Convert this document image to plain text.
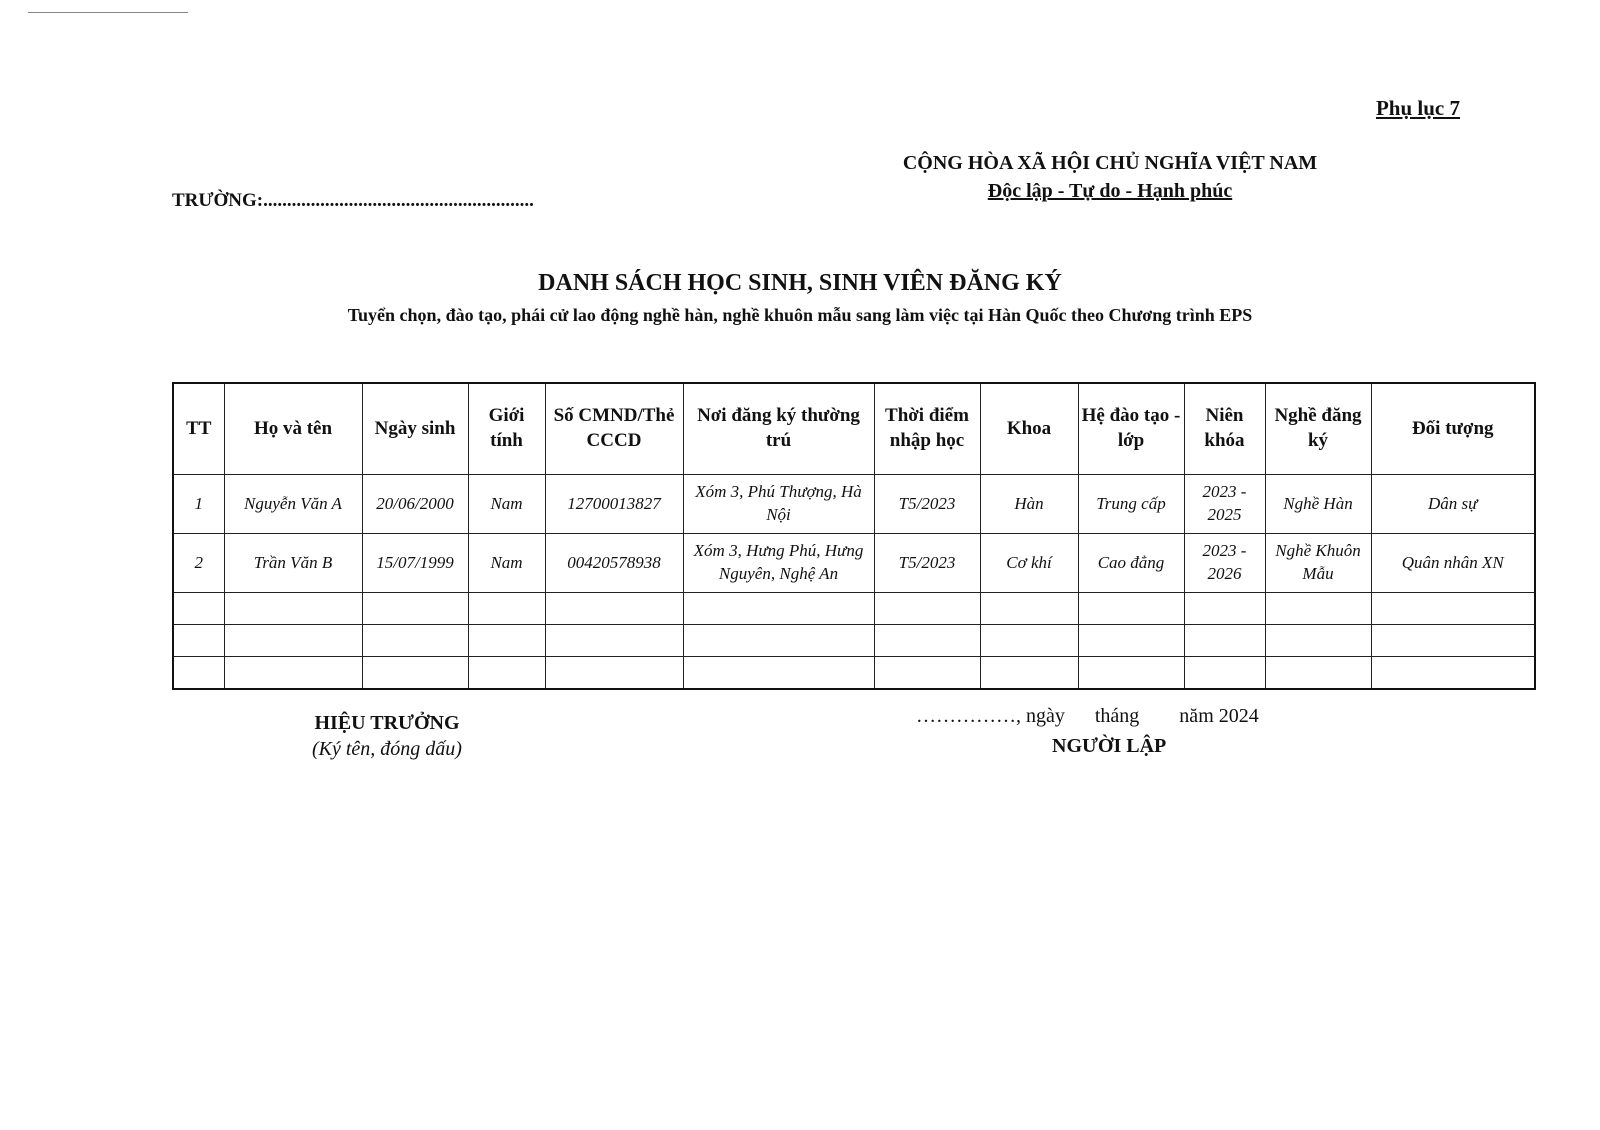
Phụ lục 7
TRƯỜNG:.........................................................
CỘNG HÒA XÃ HỘI CHỦ NGHĨA VIỆT NAM
Độc lập - Tự do - Hạnh phúc
DANH SÁCH HỌC SINH, SINH VIÊN ĐĂNG KÝ
Tuyển chọn, đào tạo, phái cử lao động nghề hàn, nghề khuôn mẫu sang làm việc tại Hàn Quốc theo Chương trình EPS
TT	Họ và tên	Ngày sinh	Giới tính	Số CMND/Thẻ CCCD	Nơi đăng ký thường trú	Thời điểm nhập học	Khoa	Hệ đào tạo - lớp	Niên khóa	Nghề đăng ký	Đối tượng
1	Nguyễn Văn A	20/06/2000	Nam	12700013827	Xóm 3, Phú Thượng, Hà Nội	T5/2023	Hàn	Trung cấp	2023 - 2025	Nghề Hàn	Dân sự
2	Trần Văn B	15/07/1999	Nam	00420578938	Xóm 3, Hưng Phú, Hưng Nguyên, Nghệ An	T5/2023	Cơ khí	Cao đẳng	2023 - 2026	Nghề Khuôn Mẫu	Quân nhân XN

HIỆU TRƯỞNG
(Ký tên, đóng dấu)
……………, ngày      tháng        năm 2024
NGƯỜI LẬP
